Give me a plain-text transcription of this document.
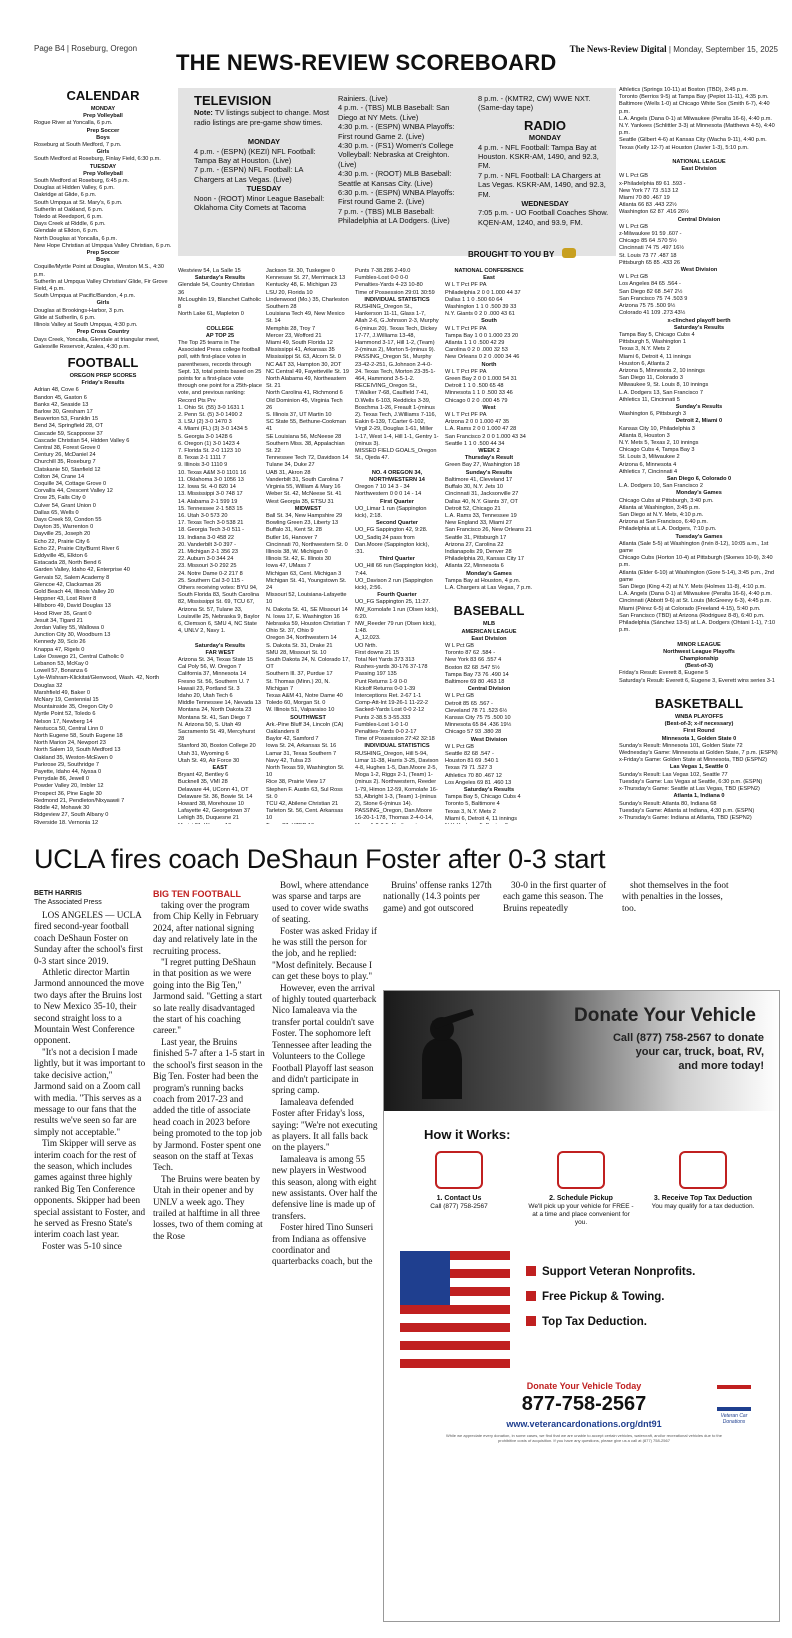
Page B4 | Roseburg, Oregon	The News-Review Digital | Monday, September 15, 2025
THE NEWS-REVIEW SCOREBOARD
CALENDAR
MONDAY
Prep Volleyball
Rogue River at Yoncalla, 6 p.m.
Prep Soccer
Boys
Roseburg at South Medford, 7 p.m.
Girls
South Medford at Roseburg, Finlay Field, 6:30 p.m.
TUESDAY
Prep Volleyball
South Medford at Roseburg, 6:45 p.m.
Douglas at Hidden Valley, 6 p.m.
Oakridge at Glide, 6 p.m.
South Umpqua at St. Mary's, 6 p.m.
Sutherlin at Oakland, 6 p.m.
Toledo at Reedsport, 6 p.m.
Days Creek at Riddle, 6 p.m.
Glendale at Elkton, 6 p.m.
North Douglas at Yoncalla, 6 p.m.
New Hope Christian at Umpqua Valley Christian, 6 p.m.
Prep Soccer
Boys
Coquille/Myrtle Point at Douglas, Winston M.S., 4:30 p.m.
Sutherlin at Umpqua Valley Christian/ Glide, Fir Grove Field, 4 p.m.
South Umpqua at Pacific/Bandon, 4 p.m.
Girls
Douglas at Brookings-Harbor, 3 p.m.
Glide at Sutherlin, 6 p.m.
Illinois Valley at South Umpqua, 4:30 p.m.
Prep Cross Country
Days Creek, Yoncalla, Glendale at triangular meet, Galesville Reservoir, Azalea, 4:30 p.m.
FOOTBALL
OREGON PREP SCORES
Friday's Results
Adrian 48, Cove 6
Bandon 45, Gaston 6
Banks 42, Seaside 13
Barlow 30, Gresham 17
Beaverton 53, Franklin 15
Bend 34, Springfield 28, OT
Cascade 59, Scappoose 37
Cascade Christian 54, Hidden Valley 6
Central 38, Forest Grove 0
Century 26, McDaniel 24
Churchill 35, Roseburg 7
Clatskanie 50, Stanfield 12
Colton 34, Crane 14
Coquille 34, Cottage Grove 0
Corvallis 44, Crescent Valley 12
Crow 25, Falls City 0
Culver 54, Grant Union 0
Dallas 65, Wells 0
Days Creek 59, Condon 55
Dayton 35, Warrenton 0
Dayville 25, Joseph 20
Echo 22, Prairie City 6
Echo 22, Prairie City/Burnt River 6
Eddyville 45, Elkton 6
Estacada 28, North Bend 6
Garden Valley, Idaho 42, Enterprise 40
Gervais 52, Salem Academy 8
Glencoe 42, Clackamas 26
Gold Beach 44, Illinois Valley 20
Heppner 43, Lost River 8
Hillsboro 49, David Douglas 13
Hood River 35, Grant 0
Jesuit 34, Tigard 21
Jordan Valley 55, Wallowa 0
Junction City 30, Woodburn 13
Kennedy 39, Scio 26
Knappa 47, Rigels 0
Lake Oswego 21, Central Catholic 0
Lebanon 53, McKay 0
Lowell 57, Bonanza 6
Lyle-Wishram-Klickitat/Glenwood, Wash. 42, North Douglas 32
Marshfield 49, Baker 0
McNary 19, Centennial 15
Mountainside 35, Oregon City 0
Myrtle Point 52, Toledo 6
Nelson 17, Newberg 14
Nestucca 50, Central Linn 0
North Eugene 58, South Eugene 18
North Marion 24, Newport 23
North Salem 19, South Medford 13
Oakland 35, Weston-McEwen 0
Parkrose 29, Southridge 7
Payette, Idaho 44, Nyssa 0
Perrydale 86, Jewell 0
Powder Valley 20, Imbler 12
Prospect 36, Pine Eagle 30
Redmond 21, Pendleton/Nixyaawii 7
Riddle 42, Mohawk 30
Ridgeview 27, South Albany 0
Riverside 18, Vernonia 12
TELEVISION
Note: TV listings subject to change. Most radio listings are pre-game show times.
MONDAY
4 p.m. - (ESPN) (KEZI) NFL Football: Tampa Bay at Houston. (Live)
7 p.m. - (ESPN) NFL Football: LA Chargers at Las Vegas. (Live)
TUESDAY
Noon - (ROOT) Minor League Baseball: Oklahoma City Comets at Tacoma
Rainiers. (Live)
4 p.m. - (TBS) MLB Baseball: San Diego at NY Mets. (Live)
4:30 p.m. - (ESPN) WNBA Playoffs: First round Game 2. (Live)
4:30 p.m. - (FS1) Women's College Volleyball: Nebraska at Creighton. (Live)
4:30 p.m. - (ROOT) MLB Baseball: Seattle at Kansas City. (Live)
6:30 p.m. - (ESPN) WNBA Playoffs: First round Game 2. (Live)
7 p.m. - (TBS) MLB Baseball: Philadelphia at LA Dodgers. (Live)
8 p.m. - (KMTR2, CW) WWE NXT. (Same-day tape)
RADIO
MONDAY
4 p.m. - NFL Football: Tampa Bay at Houston. KSKR-AM, 1490, and 92.3, FM.
7 p.m. - NFL Football: LA Chargers at Las Vegas. KSKR-AM, 1490, and 92.3, FM.
WEDNESDAY
7:05 p.m. - UO Football Coaches Show. KQEN-AM, 1240, and 93.9, FM.
BROUGHT TO YOU BY
Westview 54, La Salle 15
Saturday's Results
Glendale 54, Country Christian 36
McLoughlin 19, Blanchet Catholic 8
North Lake 61, Mapleton 0

COLLEGE
AP TOP 25
The Top 25 teams in The Associated Press college football poll, with first-place votes in parentheses, records through Sept. 13, total points based on 25 points for a first-place vote through one point for a 25th-place vote, and previous ranking:
Record Pts Prv
1. Ohio St. (55) 3-0 1631 1
2. Penn St. (5) 3-0 1490 2
3. LSU (2) 3-0 1470 3
4. Miami (FL) (3) 3-0 1434 5
5. Georgia 3-0 1428 6
6. Oregon (1) 3-0 1423 4
7. Florida St. 2-0 1123 10
8. Texas 2-1 1111 7
9. Illinois 3-0 1110 9
10. Texas A&M 3-0 1101 16
11. Oklahoma 3-0 1056 13
12. Iowa St. 4-0 820 14
13. Mississippi 3-0 748 17
14. Alabama 2-1 599 19
15. Tennessee 2-1 583 15
16. Utah 3-0 573 20
17. Texas Tech 3-0 538 21
18. Georgia Tech 3-0 511 -
19. Indiana 3-0 458 22
20. Vanderbilt 3-0 397 -
21. Michigan 2-1 356 23
22. Auburn 3-0 344 24
23. Missouri 3-0 292 25
24. Notre Dame 0-2 217 8
25. Southern Cal 3-0 115 -
Others receiving votes: BYU 94, South Florida 83, South Carolina 82, Mississippi St. 69, TCU 67, Arizona St. 57, Tulane 33, Louisville 25, Nebraska 9, Baylor 6, Clemson 6, SMU 4, NC State 4, UNLV 2, Navy 1.

Saturday's Results
FAR WEST
Arizona St. 34, Texas State 15
Cal Poly 56, W. Oregon 7
California 37, Minnesota 14
Fresno St. 56, Southern U. 7
Hawaii 23, Portland St. 3
Idaho 20, Utah Tech 6
Middle Tennessee 14, Nevada 13
Montana 24, North Dakota 23
Montana St. 41, San Diego 7
N. Arizona 50, S. Utah 49
Sacramento St. 49, Mercyhurst 28
Stanford 30, Boston College 20
Utah 31, Wyoming 6
Utah St. 49, Air Force 30
EAST
Bryant 42, Bentley 6
Bucknell 35, VMI 28
Delaware 44, UConn 41, OT
Delaware St. 36, Bowie St. 14
Howard 38, Morehouse 10
Lafayette 42, Georgetown 37
Lehigh 35, Duquesne 21
Jackson St. 30, Tuskegee 0
Kennesaw St. 27, Merrimack 13
Kentucky 48, E. Michigan 23
LSU 20, Florida 10
Lindenwood (Mo.) 35, Charleston Southern 28
Louisiana Tech 49, New Mexico St. 14
Memphis 28, Troy 7
Mercer 23, Wofford 21
Miami 49, South Florida 12
Mississippi 41, Arkansas 35
Mississippi St. 63, Alcorn St. 0
NC A&T 33, Hampton 30, 2OT
NC Central 49, Fayetteville St. 19
North Alabama 49, Northeastern St. 21
North Carolina 41, Richmond 6
Old Dominion 45, Virginia Tech 26
S. Illinois 37, UT Martin 10
SC State 55, Bethune-Cookman 41
SE Louisiana 56, McNeese 28
Southern Miss. 38, Appalachian St. 22
Tennessee Tech 72, Davidson 14
Tulane 34, Duke 27
UAB 31, Akron 28
Vanderbilt 31, South Carolina 7
Virginia 55, William & Mary 16
Weber St. 42, McNeese St. 41
West Georgia 35, ETSU 31
MIDWEST
Ball St. 34, New Hampshire 29
Bowling Green 23, Liberty 13
Buffalo 31, Kent St. 28
Butler 16, Hanover 7
Cincinnati 70, Northwestern St. 0
Illinois 38, W. Michigan 0
Illinois St. 42, E. Illinois 30
Iowa 47, UMass 7
Michigan 63, Cent. Michigan 3
Michigan St. 41, Youngstown St. 24
Missouri 52, Louisiana-Lafayette 10
N. Dakota St. 41, SE Missouri 14
N. Iowa 17, E. Washington 16
Nebraska 59, Houston Christian 7
Ohio St. 37, Ohio 9
Oregon 34, Northwestern 14
S. Dakota St. 31, Drake 21
SMU 28, Missouri St. 10
South Dakota 24, N. Colorado 17, OT
Southern Ill. 37, Purdue 17
St. Thomas (Minn.) 20, N. Michigan 7
Texas A&M 41, Notre Dame 40
Toledo 60, Morgan St. 0
W. Illinois 51, Valparaiso 10
SOUTHWEST
Ark.-Pine Bluff 34, Lincoln (CA) Oaklanders 8
Baylor 42, Samford 7
Iowa St. 24, Arkansas St. 16
Lamar 31, Texas Southern 7
Navy 42, Tulsa 23
North Texas 59, Washington St. 10
Rice 38, Prairie View 17
Stephen F. Austin 63, Sul Ross St. 0
TCU 42, Abilene Christian 21
Tarleton St. 56, Cent. Arkansas 10

Punts 7-38.286 2-49.0
Fumbles-Lost 0-0 0-0
Penalties-Yards 4-23 10-80
Time of Possession 29:01 30:59
INDIVIDUAL STATISTICS
RUSHING_Oregon St., Hankerson 11-11, Glass 1-7, Allah 2-6, G.Johnson 2-3, Murphy 6-(minus 20). Texas Tech, Dickey 17-77, J.Williams 13-48, Hammond 3-17, Hill 1-2, (Team) 2-(minus 2), Morton 5-(minus 9).
PASSING_Oregon St., Murphy 23-42-2-251, G.Johnson 2-4-0-24. Texas Tech, Morton 23-35-1-464, Hammond 3-5-1-2.
RECEIVING_Oregon St., T.Walker 7-68, Caulfield 7-41, D.Wells 6-103, Reddicks 3-39, Boschma 1-26, Freault 1-(minus 2). Texas Tech, J.Williams 7-116, Eakin 6-139, T.Carter 6-102, Virgil 2-29, Douglas 1-61, Miller 1-17, West 1-4, Hill 1-1, Gentry 1-(minus 3).
MISSED FIELD GOALS_Oregon St., Ojeda 47.

NO. 4 OREGON 34, NORTHWESTERN 14
Oregon 7 10 14 3 - 34
Northwestern 0 0 0 14 - 14
First Quarter
UO_Limar 1 run (Sappington kick), 2:18.
Second Quarter
UO_FG Sappington 42, 9:28.
UO_Sadiq 24 pass from Dan.Moore (Sappington kick), :31.
Third Quarter
UO_Hill 66 run (Sappington kick), 7:44.
UO_Davison 2 run (Sappington kick), 2:56.
Fourth Quarter
UO_FG Sappington 25, 11:27.
NW_Komolafe 1 run (Olsen kick), 6:20.
NW_Reeder 79 run (Olsen kick), 1:48.
A_12,023.
UO Nrth.
First downs 21 15
Total Net Yards 373 313
Rushes-yards 30-176 37-178
Passing 197 135
Punt Returns 1-9 0-0
Kickoff Returns 0-0 1-39
Interceptions Ret. 2-67 1-1
Comp-Att-Int 19-26-1 11-22-2
Sacked-Yards Lost 0-0 2-12
Punts 2-38.5 3-55.333
Fumbles-Lost 1-0 1-0
Penalties-Yards 0-0 2-17
Time of Possession 27:42 32:18
INDIVIDUAL STATISTICS
RUSHING_Oregon, Hill 5-94, Limar 11-38, Harris 3-25, Davison 4-8, Hughes 1-5, Dan.Moore 2-5, Moga 1-2, Riggs 2-1, (Team) 1-(minus 2). Northwestern, Reeder 1-79, Himon 12-59, Komolafe 16-53, Albright 1-3, (Team) 1-(minus 2), Stone 6-(minus 14).
PASSING_Oregon, Dan.Moore 16-20-1-178, Thomas 2-4-0-14,

NATIONAL CONFERENCE
East
W L T Pct PF PA
Philadelphia 2 0 0 1.000 44 37
Dallas 1 1 0 .500 60 64
Washington 1 1 0 .500 39 33
N.Y. Giants 0 2 0 .000 43 61
South
W L T Pct PF PA
Tampa Bay 1 0 0 1.000 23 20
Atlanta 1 1 0 .500 42 29
Carolina 0 2 0 .000 32 53
New Orleans 0 2 0 .000 34 46
North
W L T Pct PF PA
Green Bay 2 0 0 1.000 54 31
Detroit 1 1 0 .500 65 48
Minnesota 1 1 0 .500 33 46
Chicago 0 2 0 .000 45 79
West
W L T Pct PF PA
Arizona 2 0 0 1.000 47 35
L.A. Rams 2 0 0 1.000 47 28
San Francisco 2 0 0 1.000 43 34
Seattle 1 1 0 .500 44 34
WEEK 2
Thursday's Result
Green Bay 27, Washington 18
Sunday's Results
Baltimore 41, Cleveland 17
Buffalo 30, N.Y. Jets 10
Cincinnati 31, Jacksonville 27
Dallas 40, N.Y. Giants 37, OT
Detroit 52, Chicago 21
L.A. Rams 33, Tennessee 19
New England 33, Miami 27
San Francisco 26, New Orleans 21
Seattle 31, Pittsburgh 17
Arizona 27, Carolina 22
Indianapolis 29, Denver 28
Philadelphia 20, Kansas City 17
Atlanta 22, Minnesota 6
Monday's Games
Tampa Bay at Houston, 4 p.m.
L.A. Chargers at Las Vegas, 7 p.m.

BASEBALL
MLB
AMERICAN LEAGUE
East Division
W L Pct GB
Toronto 87 62 .584 -
New York 83 66 .557 4
Boston 82 68 .547 5½
Tampa Bay 73 76 .490 14
Baltimore 69 80 .463 18
Central Division
W L Pct GB
Detroit 85 65 .567 -
Cleveland 78 71 .523 6½
Kansas City 75 75 .500 10
Minnesota 65 84 .436 19½
Chicago 57 93 .380 28
West Division
W L Pct GB
Seattle 82 68 .547 -
Houston 81 69 .540 1
Texas 79 71 .527 3
Athletics 70 80 .467 12
Los Angeles 69 81 .460 13
Saturday's Results
Tampa Bay 5, Chicago Cubs 4
Toronto 5, Baltimore 4
Texas 3, N.Y. Mets 2
Miami 6, Detroit 4, 11 innings
Athletics (Springs 10-11) at Boston (TBD), 3:45 p.m.
Toronto (Berrios 9-5) at Tampa Bay (Pepiot 11-11), 4:35 p.m.
Baltimore (Wells 1-0) at Chicago White Sox (Smith 6-7), 4:40 p.m.
L.A. Angels (Dana 0-1) at Milwaukee (Peralta 16-6), 4:40 p.m.
N.Y. Yankees (Schlittler 3-3) at Minnesota (Matthews 4-5), 4:40 p.m.
Seattle (Gilbert 4-6) at Kansas City (Wacha 9-11), 4:40 p.m.
Texas (Kelly 12-7) at Houston (Javier 1-3), 5:10 p.m.

NATIONAL LEAGUE
East Division
W L Pct GB
x-Philadelphia 89 61 .593 -
New York 77 73 .513 12
Miami 70 80 .467 19
Atlanta 66 83 .443 22½
Washington 62 87 .416 26½
Central Division
W L Pct GB
z-Milwaukee 91 59 .607 -
Chicago 85 64 .570 5½
Cincinnati 74 75 .497 16½
St. Louis 73 77 .487 18
Pittsburgh 65 85 .433 26
West Division
W L Pct GB
Los Angeles 84 65 .564 -
San Diego 82 68 .547 2½
San Francisco 75 74 .503 9
Arizona 75 75 .500 9½
Colorado 41 109 .273 43½
x-clinched playoff berth
Saturday's Results
Tampa Bay 5, Chicago Cubs 4
Pittsburgh 5, Washington 1
Texas 3, N.Y. Mets 2
Miami 6, Detroit 4, 11 innings
Houston 6, Atlanta 2
Arizona 5, Minnesota 2, 10 innings
San Diego 11, Colorado 3
Milwaukee 9, St. Louis 8, 10 innings
L.A. Dodgers 13, San Francisco 7
Athletics 11, Cincinnati 5
Sunday's Results
Washington 6, Pittsburgh 3
Detroit 2, Miami 0
Kansas City 10, Philadelphia 3
Atlanta 8, Houston 3
N.Y. Mets 5, Texas 2, 10 innings
Chicago Cubs 4, Tampa Bay 3
St. Louis 3, Milwaukee 2
Arizona 6, Minnesota 4
Athletics 7, Cincinnati 4
San Diego 6, Colorado 0
L.A. Dodgers 10, San Francisco 2
Monday's Games
Chicago Cubs at Pittsburgh, 3:40 p.m.
Atlanta at Washington, 3:45 p.m.
San Diego at N.Y. Mets, 4:10 p.m.
Arizona at San Francisco, 6:40 p.m.
Philadelphia at L.A. Dodgers, 7:10 p.m.
Tuesday's Games
Atlanta (Sale 5-5) at Washington (Irvin 8-12), 10:05 a.m., 1st game
Chicago Cubs (Horton 10-4) at Pittsburgh (Skenes 10-9), 3:40 p.m.
Atlanta (Elder 6-10) at Washington (Gore 5-14), 3:45 p.m., 2nd game
San Diego (King 4-2) at N.Y. Mets (Holmes 11-8), 4:10 p.m.
L.A. Angels (Dana 0-1) at Milwaukee (Peralta 16-6), 4:40 p.m.
Cincinnati (Abbott 9-6) at St. Louis (McGreevy 6-3), 4:45 p.m.
Miami (Pérez 6-5) at Colorado (Freeland 4-15), 5:40 p.m.
San Francisco (TBD) at Arizona (Rodriguez 8-8), 6:40 p.m.
Philadelphia (Sánchez 13-5) at L.A. Dodgers (Ohtani 1-1), 7:10 p.m.

MINOR LEAGUE
Northwest League Playoffs
Championship
(Best-of-3)
Friday's Result: Everett 8, Eugene 5
Saturday's Result: Everett 6, Eugene 3, Everett wins series 3-1

BASKETBALL
WNBA PLAYOFFS
(Best-of-3; x-if necessary)
First Round
Minnesota 1, Golden State 0
Sunday's Result: Minnesota 101, Golden State 72
Wednesday's Game: Minnesota at Golden State, 7 p.m. (ESPN)
x-Friday's Game: Golden State at Minnesota, TBD (ESPN2)
Las Vegas 1, Seattle 0
Sunday's Result: Las Vegas 102, Seattle 77
Tuesday's Game: Las Vegas at Seattle, 6:30 p.m. (ESPN)
x-Thursday's Game: Seattle at Las Vegas, TBD (ESPN2)
Atlanta 1, Indiana 0
Sunday's Result: Atlanta 80, Indiana 68
Tuesday's Game: Atlanta at Indiana, 4:30 p.m. (ESPN)
x-Thursday's Game: Indiana at Atlanta, TBD (ESPN2)
UCLA fires coach DeShaun Foster after 0-3 start
BETH HARRIS
The Associated Press
BIG TEN FOOTBALL

LOS ANGELES — UCLA fired second-year football coach DeShaun Foster on Sunday after the school's first 0-3 start since 2019.

Athletic director Martin Jarmond announced the move two days after the Bruins lost to New Mexico 35-10, their second straight loss to a Mountain West Conference opponent.

"It's not a decision I made lightly, but it was important to take decisive action," Jarmond said on a Zoom call with media. "This serves as a message to our fans that the results we've seen so far are simply not acceptable."

Tim Skipper will serve as interim coach for the rest of the season, which includes games against three highly ranked Big Ten Conference opponents. Skipper had been special assistant to Foster, and he served as Fresno State's interim coach last year.

Foster was 5-10 since

taking over the program from Chip Kelly in February 2024, after national signing day and relatively late in the recruiting process.

"I regret putting DeShaun in that position as we were going into the Big Ten," Jarmond said. "Getting a start so late really disadvantaged the start of his coaching career."

Last year, the Bruins finished 5-7 after a 1-5 start in the school's first season in the Big Ten. Foster had been the program's running backs coach from 2017-23 and added the title of associate head coach in 2023 before being promoted to the top job by Jarmond. Foster spent one season on the staff at Texas Tech.

The Bruins were beaten by Utah in their opener and by UNLV a week ago. They trailed at halftime in all three losses, two of them coming at the Rose

Bowl, where attendance was sparse and tarps are used to cover wide swaths of seating.

Foster was asked Friday if he was still the person for the job, and he replied: "Most definitely. Because I can get these boys to play."

However, even the arrival of highly touted quarterback Nico Iamaleava via the transfer portal couldn't save Foster. The sophomore left Tennessee after leading the Volunteers to the College Football Playoff last season and didn't participate in spring camp.

Iamaleava defended Foster after Friday's loss, saying: "We're not executing as players. It all falls back on the players."

Iamaleava is among 55 new players in Westwood this season, along with eight new assistants. Over half the defensive line is made up of transfers.

Foster hired Tino Sunseri from Indiana as offensive coordinator and quarterbacks coach, but the

Bruins' offense ranks 127th nationally (14.3 points per game) and got outscored

30-0 in the first quarter of each game this season. The Bruins repeatedly

shot themselves in the foot with penalties in the losses, too.

Donate Your Vehicle
Call (877) 758-2567 to donate
your car, truck, boat, RV,
and more today!
How it Works:
1. Contact Us
Call (877) 758-2567
2. Schedule Pickup
We'll pick up your vehicle for FREE - at a time and place convenient for you.
3. Receive Top Tax Deduction
You may qualify for a tax deduction.
Support Veteran Nonprofits.
Free Pickup & Towing.
Top Tax Deduction.
Donate Your Vehicle Today
877-758-2567
www.veterancardonations.org/dnt91
While we appreciate every donation, in some cases, we find that we are unable to accept certain vehicles, watercraft, and/or recreational vehicles due to the prohibitive costs of acquisition. If you have any questions, please give us a call at (877) 758-2567
Veteran Car Donations
